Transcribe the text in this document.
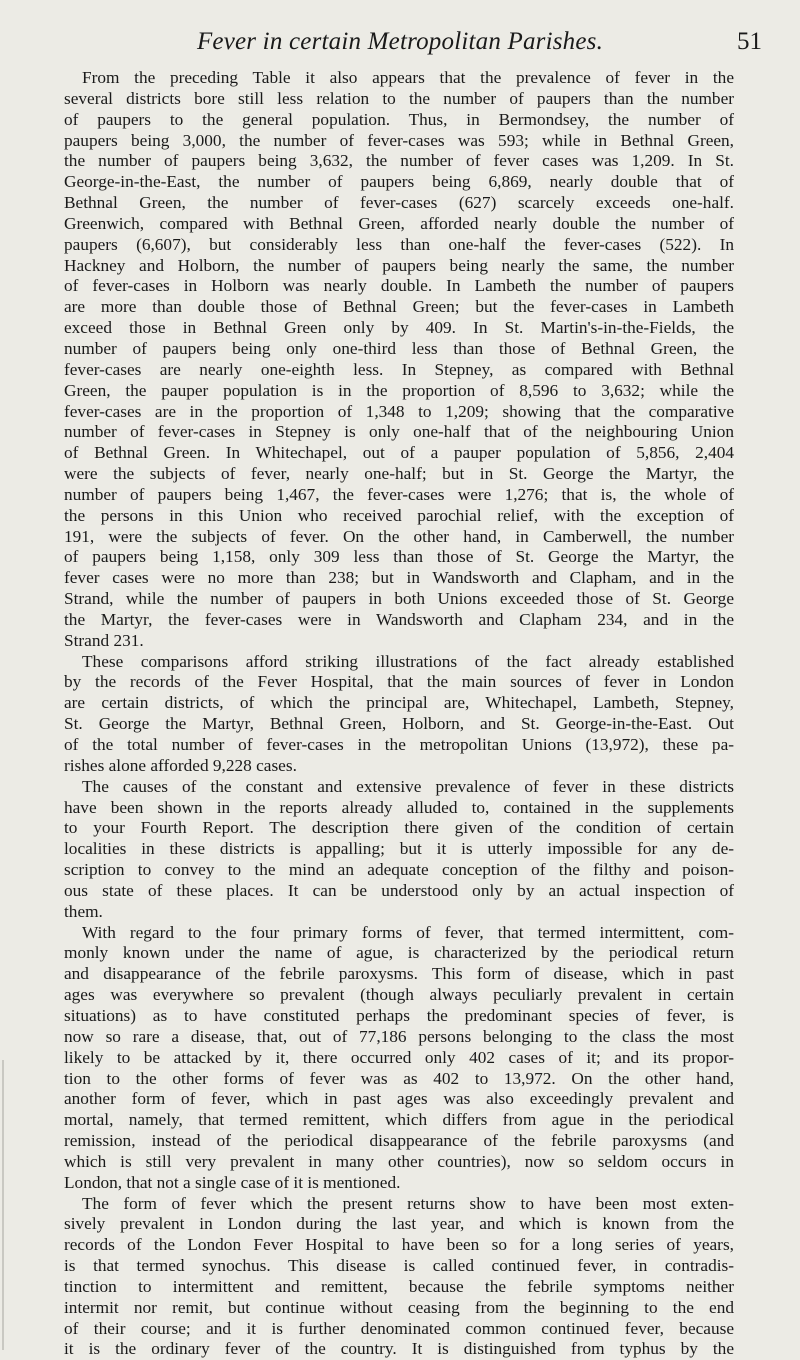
Fever in certain Metropolitan Parishes.	51
From the preceding Table it also appears that the prevalence of fever in the
several districts bore still less relation to the number of paupers than the number
of paupers to the general population. Thus, in Bermondsey, the number of
paupers being 3,000, the number of fever-cases was 593; while in Bethnal Green,
the number of paupers being 3,632, the number of fever cases was 1,209. In St.
George-in-the-East, the number of paupers being 6,869, nearly double that of
Bethnal Green, the number of fever-cases (627) scarcely exceeds one-half.
Greenwich, compared with Bethnal Green, afforded nearly double the number of
paupers (6,607), but considerably less than one-half the fever-cases (522). In
Hackney and Holborn, the number of paupers being nearly the same, the number
of fever-cases in Holborn was nearly double. In Lambeth the number of paupers
are more than double those of Bethnal Green; but the fever-cases in Lambeth
exceed those in Bethnal Green only by 409. In St. Martin's-in-the-Fields, the
number of paupers being only one-third less than those of Bethnal Green, the
fever-cases are nearly one-eighth less. In Stepney, as compared with Bethnal
Green, the pauper population is in the proportion of 8,596 to 3,632; while the
fever-cases are in the proportion of 1,348 to 1,209; showing that the comparative
number of fever-cases in Stepney is only one-half that of the neighbouring Union
of Bethnal Green. In Whitechapel, out of a pauper population of 5,856, 2,404
were the subjects of fever, nearly one-half; but in St. George the Martyr, the
number of paupers being 1,467, the fever-cases were 1,276; that is, the whole of
the persons in this Union who received parochial relief, with the exception of
191, were the subjects of fever. On the other hand, in Camberwell, the number
of paupers being 1,158, only 309 less than those of St. George the Martyr, the
fever cases were no more than 238; but in Wandsworth and Clapham, and in the
Strand, while the number of paupers in both Unions exceeded those of St. George
the Martyr, the fever-cases were in Wandsworth and Clapham 234, and in the
Strand 231.
These comparisons afford striking illustrations of the fact already established
by the records of the Fever Hospital, that the main sources of fever in London
are certain districts, of which the principal are, Whitechapel, Lambeth, Stepney,
St. George the Martyr, Bethnal Green, Holborn, and St. George-in-the-East. Out
of the total number of fever-cases in the metropolitan Unions (13,972), these pa-
rishes alone afforded 9,228 cases.
The causes of the constant and extensive prevalence of fever in these districts
have been shown in the reports already alluded to, contained in the supplements
to your Fourth Report. The description there given of the condition of certain
localities in these districts is appalling; but it is utterly impossible for any de-
scription to convey to the mind an adequate conception of the filthy and poison-
ous state of these places. It can be understood only by an actual inspection of
them.
With regard to the four primary forms of fever, that termed intermittent, com-
monly known under the name of ague, is characterized by the periodical return
and disappearance of the febrile paroxysms. This form of disease, which in past
ages was everywhere so prevalent (though always peculiarly prevalent in certain
situations) as to have constituted perhaps the predominant species of fever, is
now so rare a disease, that, out of 77,186 persons belonging to the class the most
likely to be attacked by it, there occurred only 402 cases of it; and its propor-
tion to the other forms of fever was as 402 to 13,972. On the other hand,
another form of fever, which in past ages was also exceedingly prevalent and
mortal, namely, that termed remittent, which differs from ague in the periodical
remission, instead of the periodical disappearance of the febrile paroxysms (and
which is still very prevalent in many other countries), now so seldom occurs in
London, that not a single case of it is mentioned.
The form of fever which the present returns show to have been most exten-
sively prevalent in London during the last year, and which is known from the
records of the London Fever Hospital to have been so for a long series of years,
is that termed synochus. This disease is called continued fever, in contradis-
tinction to intermittent and remittent, because the febrile symptoms neither
intermit nor remit, but continue without ceasing from the beginning to the end
of their course; and it is further denominated common continued fever, because
it is the ordinary fever of the country. It is distinguished from typhus by the
